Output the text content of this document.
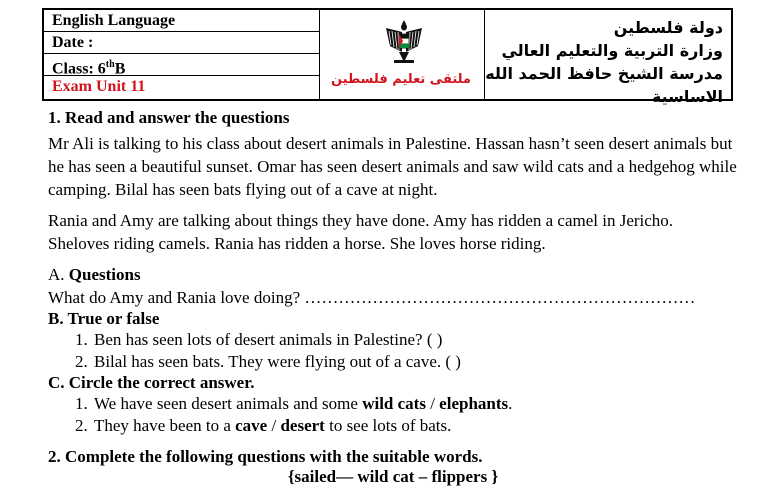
English Language
Date :
Class: 6thB
Exam Unit 11	ملتقى تعليم فلسطين
دولة فلسطين
وزارة التربية والتعليم العالي
مدرسة الشيخ حافظ الحمد الله الاساسية

1. Read and answer the questions

Mr Ali is talking to his class about desert animals in Palestine. Hassan hasn’t seen desert animals but he has seen a beautiful sunset. Omar has seen desert animals and saw wild cats and a hedgehog while camping. Bilal has seen bats flying out of a cave at night.

Rania and Amy are talking about things they have done. Amy has ridden a camel in Jericho. Sheloves riding camels. Rania has ridden a horse. She loves horse riding.

A. Questions

What do Amy and Rania love doing? ……………………………………………………………

B. True or false

1. Ben has seen lots of desert animals in Palestine? ( )
2. Bilal has seen bats. They were flying out of a cave. ( )

C. Circle the correct answer.

1. We have seen desert animals and some wild cats / elephants.
2. They have been to a cave / desert to see lots of bats.

2. Complete the following questions with the suitable words.

{sailed— wild cat – flippers }
